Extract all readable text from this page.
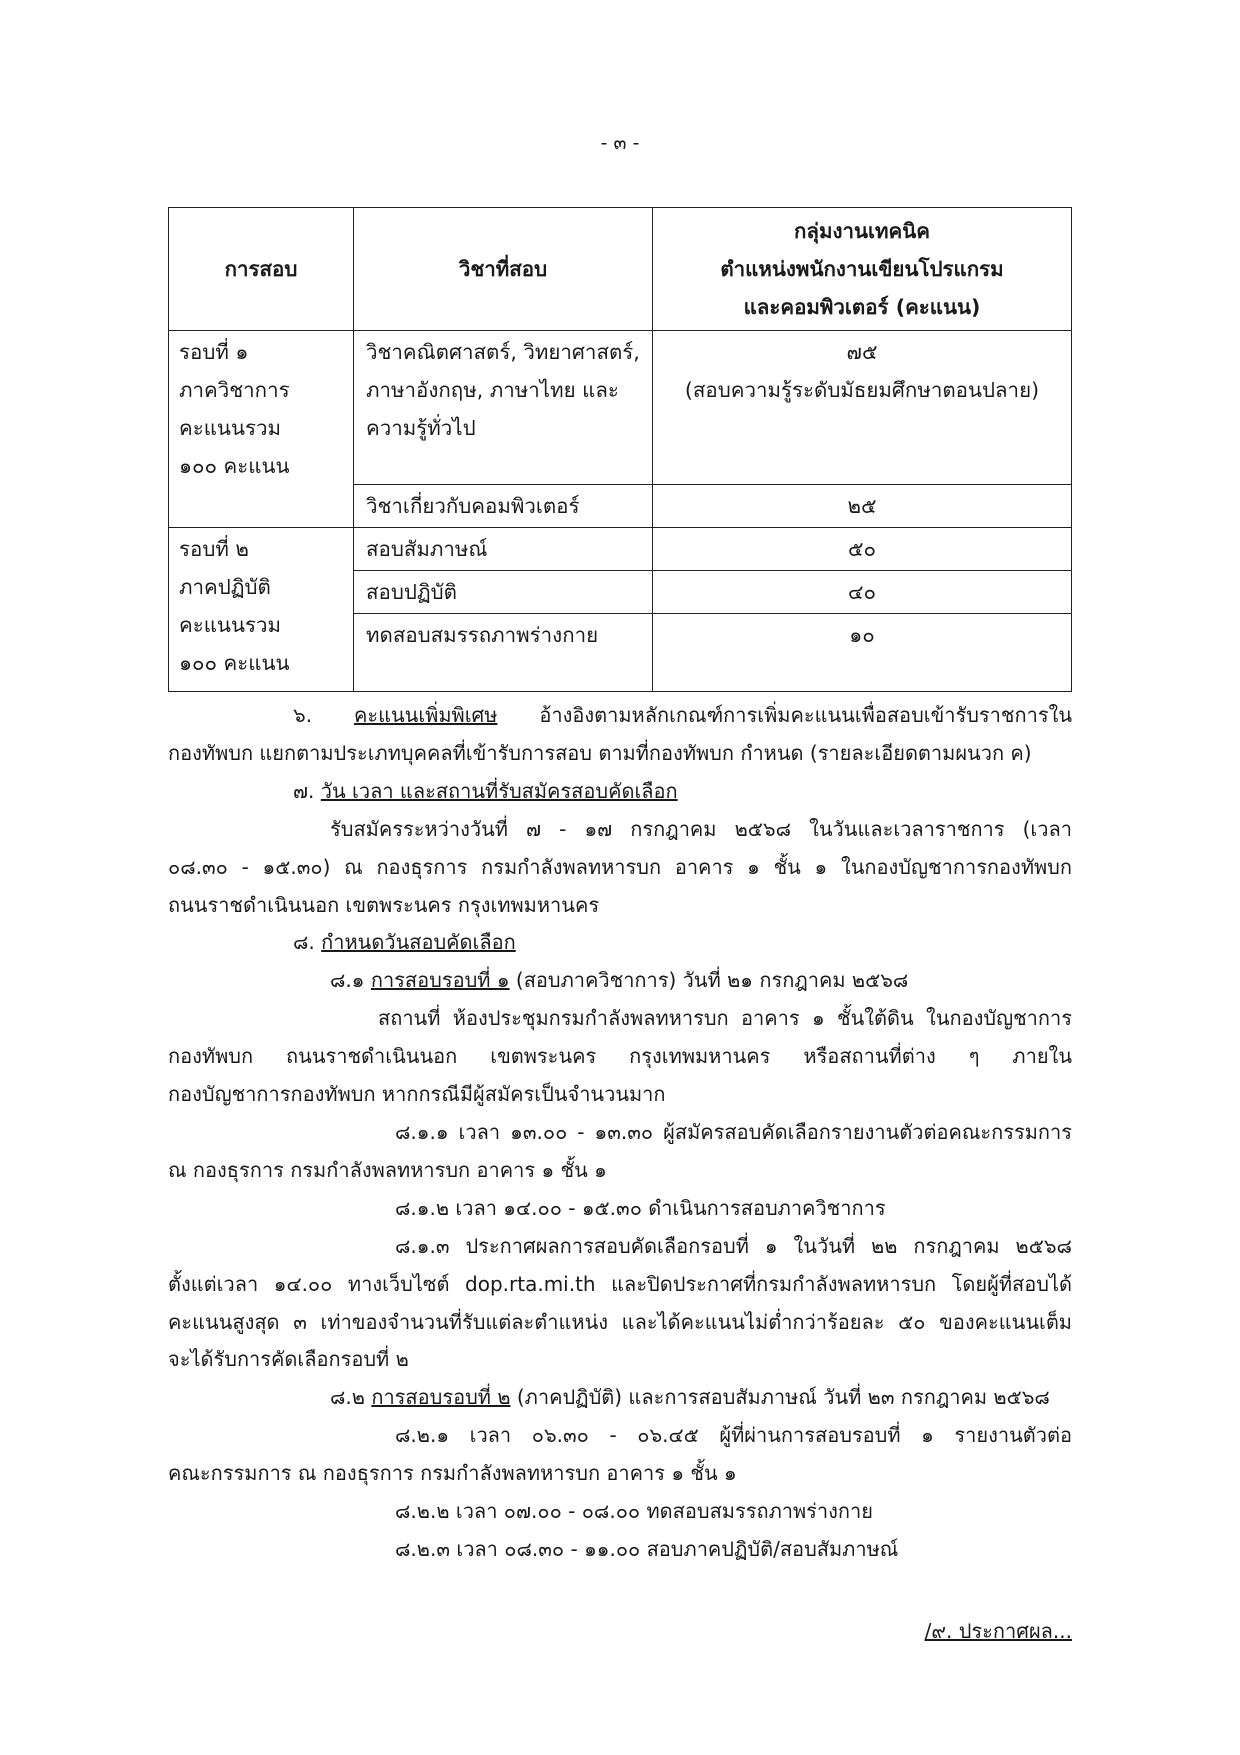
- ๓ -
การสอบ	วิชาที่สอบ	กลุ่มงานเทคนิค
ตำแหน่งพนักงานเขียนโปรแกรม
และคอมพิวเตอร์ (คะแนน)

รอบที่ ๑
ภาควิชาการ
คะแนนรวม
๑๐๐ คะแนน	วิชาคณิตศาสตร์, วิทยาศาสตร์,
ภาษาอังกฤษ, ภาษาไทย และ
ความรู้ทั่วไป	๗๕
(สอบความรู้ระดับมัธยมศึกษาตอนปลาย)

	วิชาเกี่ยวกับคอมพิวเตอร์	๒๕

รอบที่ ๒
ภาคปฏิบัติ
คะแนนรวม
๑๐๐ คะแนน	สอบสัมภาษณ์	๕๐
	สอบปฏิบัติ	๔๐
	ทดสอบสมรรถภาพร่างกาย	๑๐
๖. คะแนนเพิ่มพิเศษ อ้างอิงตามหลักเกณฑ์การเพิ่มคะแนนเพื่อสอบเข้ารับราชการใน
กองทัพบก แยกตามประเภทบุคคลที่เข้ารับการสอบ ตามที่กองทัพบก กำหนด (รายละเอียดตามผนวก ค)
๗. วัน เวลา และสถานที่รับสมัครสอบคัดเลือก
รับสมัครระหว่างวันที่ ๗ - ๑๗ กรกฎาคม ๒๕๖๘ ในวันและเวลาราชการ (เวลา
๐๘.๓๐ - ๑๕.๓๐) ณ กองธุรการ กรมกำลังพลทหารบก อาคาร ๑ ชั้น ๑ ในกองบัญชาการกองทัพบก
ถนนราชดำเนินนอก เขตพระนคร กรุงเทพมหานคร
๘. กำหนดวันสอบคัดเลือก
๘.๑ การสอบรอบที่ ๑ (สอบภาควิชาการ) วันที่ ๒๑ กรกฎาคม ๒๕๖๘
สถานที่ ห้องประชุมกรมกำลังพลทหารบก อาคาร ๑ ชั้นใต้ดิน ในกองบัญชาการ
กองทัพบก ถนนราชดำเนินนอก เขตพระนคร กรุงเทพมหานคร หรือสถานที่ต่าง ๆ ภายใน
กองบัญชาการกองทัพบก หากกรณีมีผู้สมัครเป็นจำนวนมาก
๘.๑.๑ เวลา ๑๓.๐๐ - ๑๓.๓๐ ผู้สมัครสอบคัดเลือกรายงานตัวต่อคณะกรรมการ
ณ กองธุรการ กรมกำลังพลทหารบก อาคาร ๑ ชั้น ๑
๘.๑.๒ เวลา ๑๔.๐๐ - ๑๕.๓๐ ดำเนินการสอบภาควิชาการ
๘.๑.๓ ประกาศผลการสอบคัดเลือกรอบที่ ๑ ในวันที่ ๒๒ กรกฎาคม ๒๕๖๘
ตั้งแต่เวลา ๑๔.๐๐ ทางเว็บไซต์ dop.rta.mi.th และปิดประกาศที่กรมกำลังพลทหารบก โดยผู้ที่สอบได้
คะแนนสูงสุด ๓ เท่าของจำนวนที่รับแต่ละตำแหน่ง และได้คะแนนไม่ต่ำกว่าร้อยละ ๕๐ ของคะแนนเต็ม
จะได้รับการคัดเลือกรอบที่ ๒
๘.๒ การสอบรอบที่ ๒ (ภาคปฏิบัติ) และการสอบสัมภาษณ์ วันที่ ๒๓ กรกฎาคม ๒๕๖๘
๘.๒.๑ เวลา ๐๖.๓๐ - ๐๖.๔๕ ผู้ที่ผ่านการสอบรอบที่ ๑ รายงานตัวต่อ
คณะกรรมการ ณ กองธุรการ กรมกำลังพลทหารบก อาคาร ๑ ชั้น ๑
๘.๒.๒ เวลา ๐๗.๐๐ - ๐๘.๐๐ ทดสอบสมรรถภาพร่างกาย
๘.๒.๓ เวลา ๐๘.๓๐ - ๑๑.๐๐ สอบภาคปฏิบัติ/สอบสัมภาษณ์
/๙. ประกาศผล...
